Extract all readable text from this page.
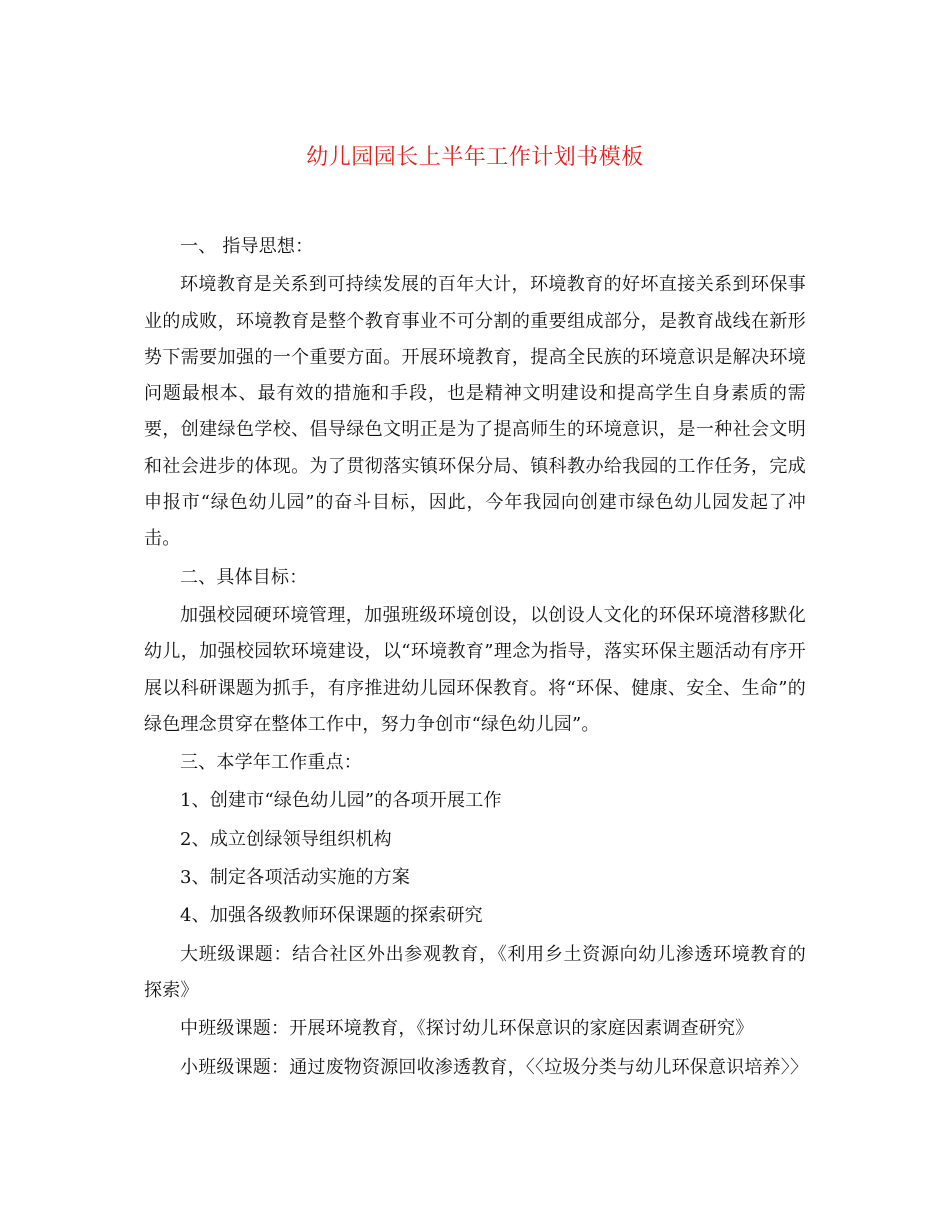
幼儿园园长上半年工作计划书模板

一、 指导思想：

环境教育是关系到可持续发展的百年大计，环境教育的好坏直接关系到环保事业的成败，环境教育是整个教育事业不可分割的重要组成部分，是教育战线在新形势下需要加强的一个重要方面。开展环境教育，提高全民族的环境意识是解决环境问题最根本、最有效的措施和手段，也是精神文明建设和提高学生自身素质的需要，创建绿色学校、倡导绿色文明正是为了提高师生的环境意识，是一种社会文明和社会进步的体现。为了贯彻落实镇环保分局、镇科教办给我园的工作任务，完成申报市“绿色幼儿园”的奋斗目标，因此，今年我园向创建市绿色幼儿园发起了冲击。

二、具体目标：

加强校园硬环境管理，加强班级环境创设，以创设人文化的环保环境潜移默化幼儿，加强校园软环境建设，以“环境教育”理念为指导，落实环保主题活动有序开展以科研课题为抓手，有序推进幼儿园环保教育。将“环保、健康、安全、生命”的绿色理念贯穿在整体工作中，努力争创市“绿色幼儿园”。

三、本学年工作重点：

1、创建市“绿色幼儿园”的各项开展工作

2、成立创绿领导组织机构

3、制定各项活动实施的方案

4、加强各级教师环保课题的探索研究

大班级课题：结合社区外出参观教育，《利用乡土资源向幼儿渗透环境教育的探索》

中班级课题：开展环境教育，《探讨幼儿环保意识的家庭因素调查研究》

小班级课题：通过废物资源回收渗透教育，〈〈垃圾分类与幼儿环保意识培养〉〉
